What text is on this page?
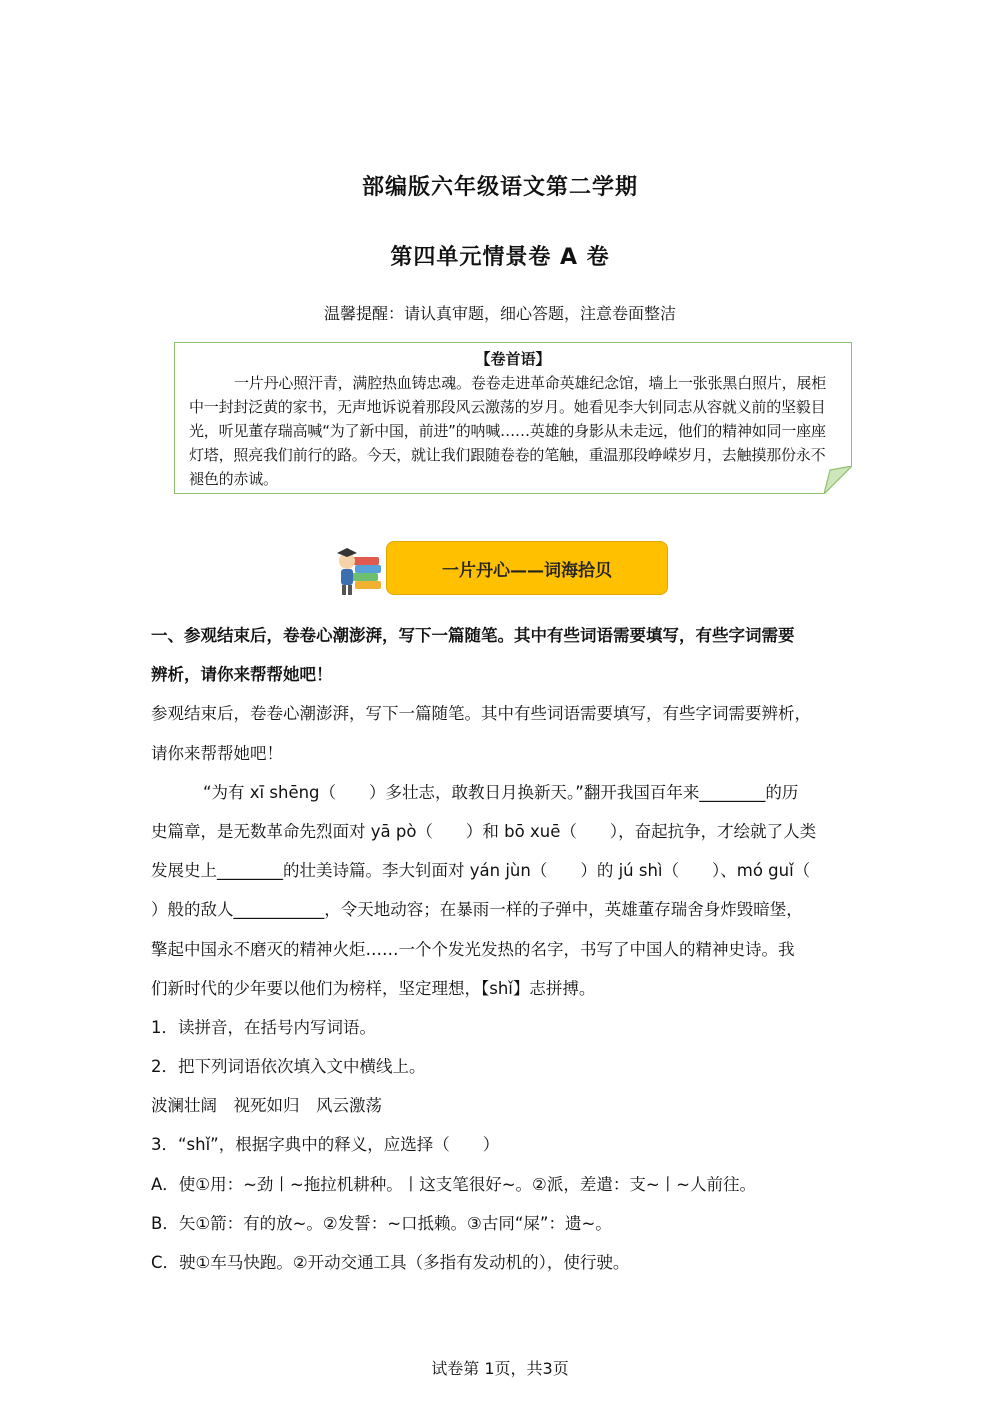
部编版六年级语文第二学期
第四单元情景卷 A 卷
温馨提醒：请认真审题，细心答题，注意卷面整洁
【卷首语】
一片丹心照汗青，满腔热血铸忠魂。卷卷走进革命英雄纪念馆，墙上一张张黑白照片，展柜中一封封泛黄的家书，无声地诉说着那段风云激荡的岁月。她看见李大钊同志从容就义前的坚毅目光，听见董存瑞高喊“为了新中国，前进”的呐喊……英雄的身影从未走远，他们的精神如同一座座灯塔，照亮我们前行的路。今天，就让我们跟随卷卷的笔触，重温那段峥嵘岁月，去触摸那份永不褪色的赤诚。
一片丹心——词海拾贝
一、参观结束后，卷卷心潮澎湃，写下一篇随笔。其中有些词语需要填写，有些字词需要
辨析，请你来帮帮她吧！
参观结束后，卷卷心潮澎湃，写下一篇随笔。其中有些词语需要填写，有些字词需要辨析，
请你来帮帮她吧！
“为有 xī shēng（　　）多壮志，敢教日月换新天。”翻开我国百年来________的历
史篇章，是无数革命先烈面对 yā pò（　　）和 bō xuē（　　），奋起抗争，才绘就了人类
发展史上________的壮美诗篇。李大钊面对 yán jùn（　　）的 jú shì（　　）、mó guǐ（
）般的敌人___________，令天地动容；在暴雨一样的子弹中，英雄董存瑞舍身炸毁暗堡，
擎起中国永不磨灭的精神火炬……一个个发光发热的名字，书写了中国人的精神史诗。我
们新时代的少年要以他们为榜样，坚定理想，【shǐ】志拼搏。
1．读拼音，在括号内写词语。
2．把下列词语依次填入文中横线上。
波澜壮阔　视死如归　风云激荡
3．“shǐ”，根据字典中的释义，应选择（　　）
A．使①用：~劲丨~拖拉机耕种。丨这支笔很好~。②派，差遣：支~丨~人前往。
B．矢①箭：有的放~。②发誓：~口抵赖。③古同“屎”：遗~。
C．驶①车马快跑。②开动交通工具（多指有发动机的），使行驶。
试卷第 1页，共3页
